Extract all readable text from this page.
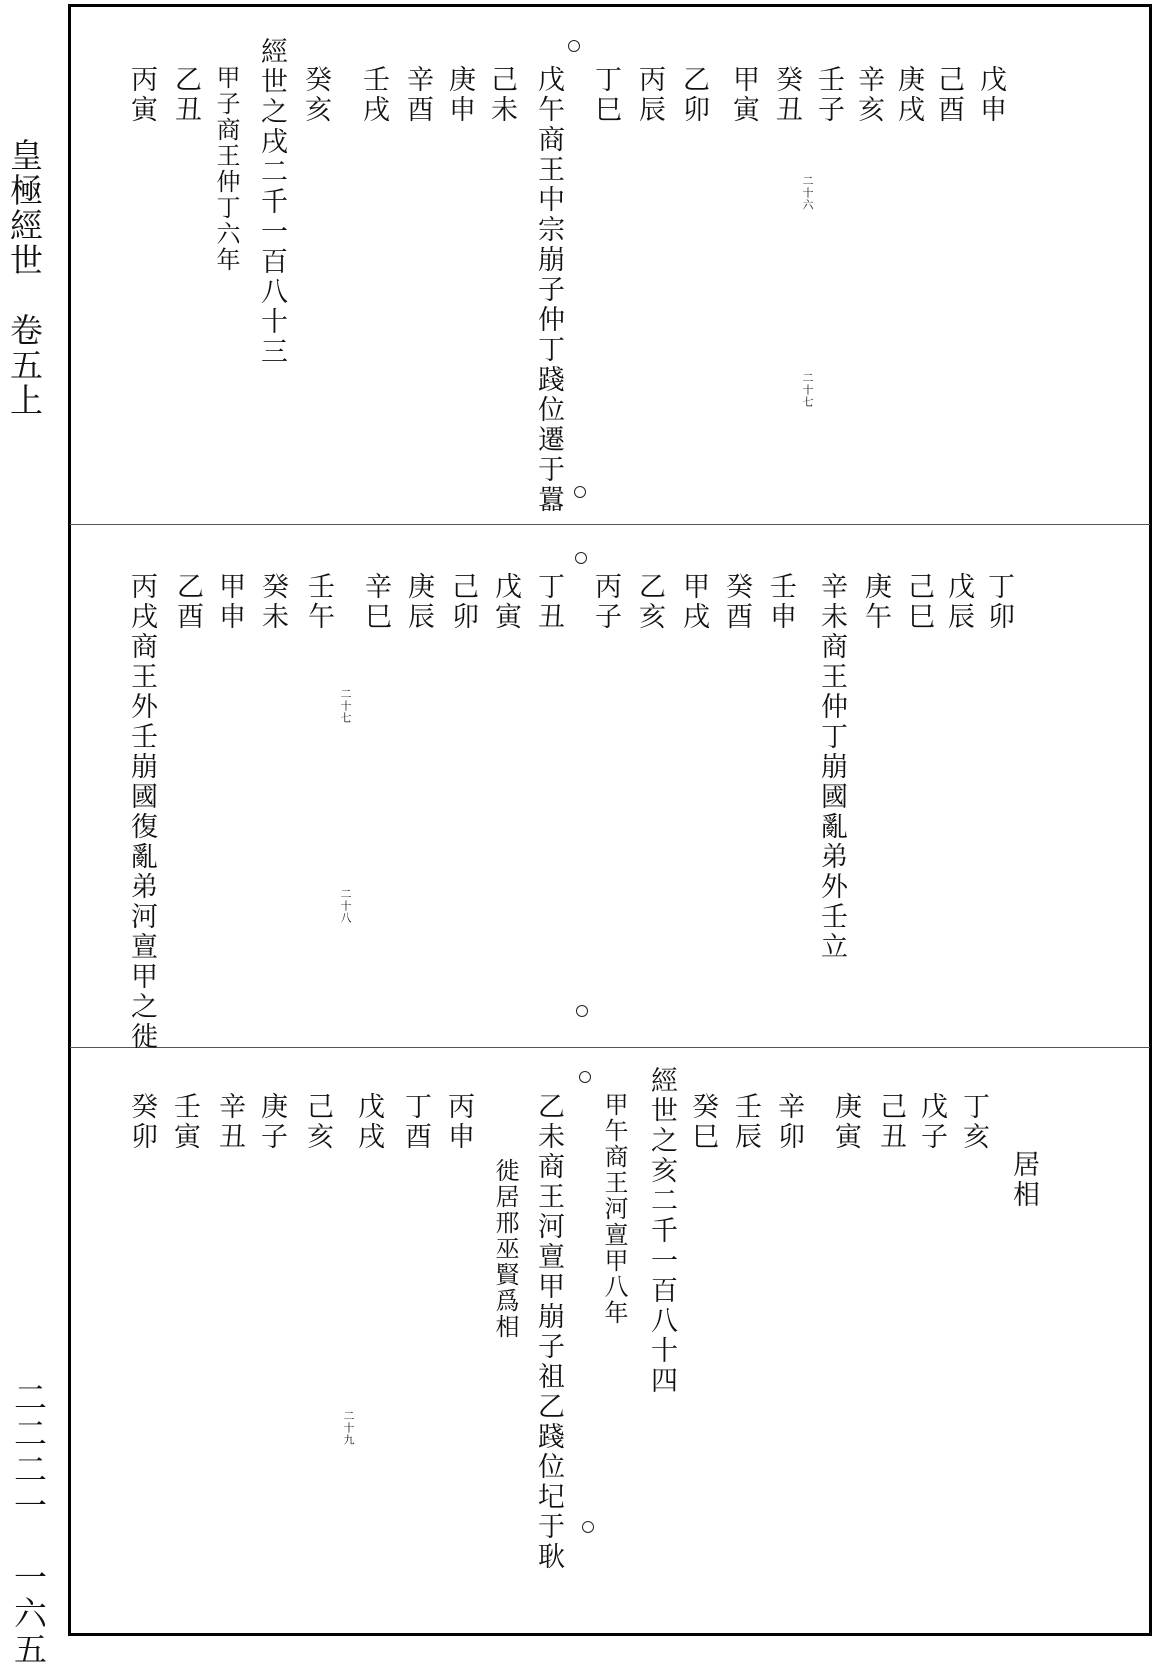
皇極經世　卷五上
二二二一　一六五
戊申
己酉
庚戌
辛亥
壬子
癸丑
甲寅
乙卯
丙辰
丁巳
戊午商王中宗崩子仲丁踐位遷于囂
己未
庚申
辛酉
壬戌
癸亥
經世之戌二千一百八十三
甲子商王仲丁六年
乙丑
丙寅
二十六
二十七
丁卯
戊辰
己巳
庚午
辛未商王仲丁崩國亂弟外壬立
壬申
癸酉
甲戌
乙亥
丙子
丁丑
戊寅
己卯
庚辰
辛巳
壬午
癸未
甲申
乙酉
丙戌商王外壬崩國復亂弟河亶甲之徙	二十七
二十八
居相
丁亥
戊子
己丑
庚寅
辛卯
壬辰
癸巳
經世之亥二千一百八十四
甲午商王河亶甲八年
乙未商王河亶甲崩子祖乙踐位圮于耿
徙居邢巫賢爲相
丙申
丁酉
戊戌
己亥
庚子
辛丑
壬寅
癸卯
二十九
